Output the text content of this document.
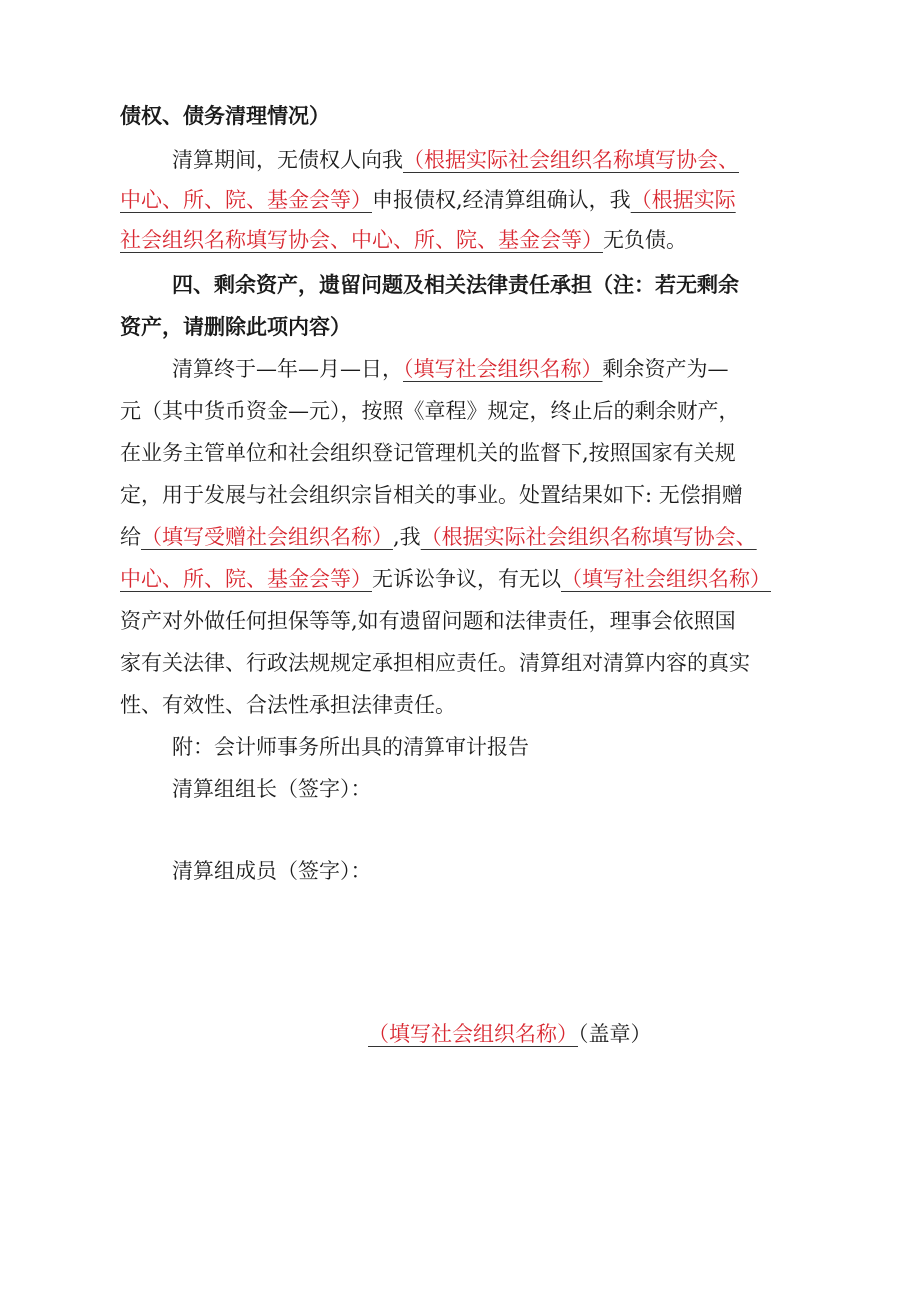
债权、债务清理情况）
清算期间，无债权人向我（根据实际社会组织名称填写协会、
中心、所、院、基金会等）申报债权,经清算组确认，我（根据实际
社会组织名称填写协会、中心、所、院、基金会等）无负债。
四、剩余资产，遗留问题及相关法律责任承担（注：若无剩余
资产，请删除此项内容）
清算终于—年—月—日，（填写社会组织名称）剩余资产为—
元（其中货币资金—元），按照《章程》规定，终止后的剩余财产，
在业务主管单位和社会组织登记管理机关的监督下,按照国家有关规
定，用于发展与社会组织宗旨相关的事业。处置结果如下: 无偿捐赠
给（填写受赠社会组织名称）,我（根据实际社会组织名称填写协会、
中心、所、院、基金会等）无诉讼争议，有无以（填写社会组织名称）
资产对外做任何担保等等,如有遗留问题和法律责任，理事会依照国
家有关法律、行政法规规定承担相应责任。清算组对清算内容的真实
性、有效性、合法性承担法律责任。
附：会计师事务所出具的清算审计报告
清算组组长（签字）：
清算组成员（签字）：
（填写社会组织名称）（盖章）
